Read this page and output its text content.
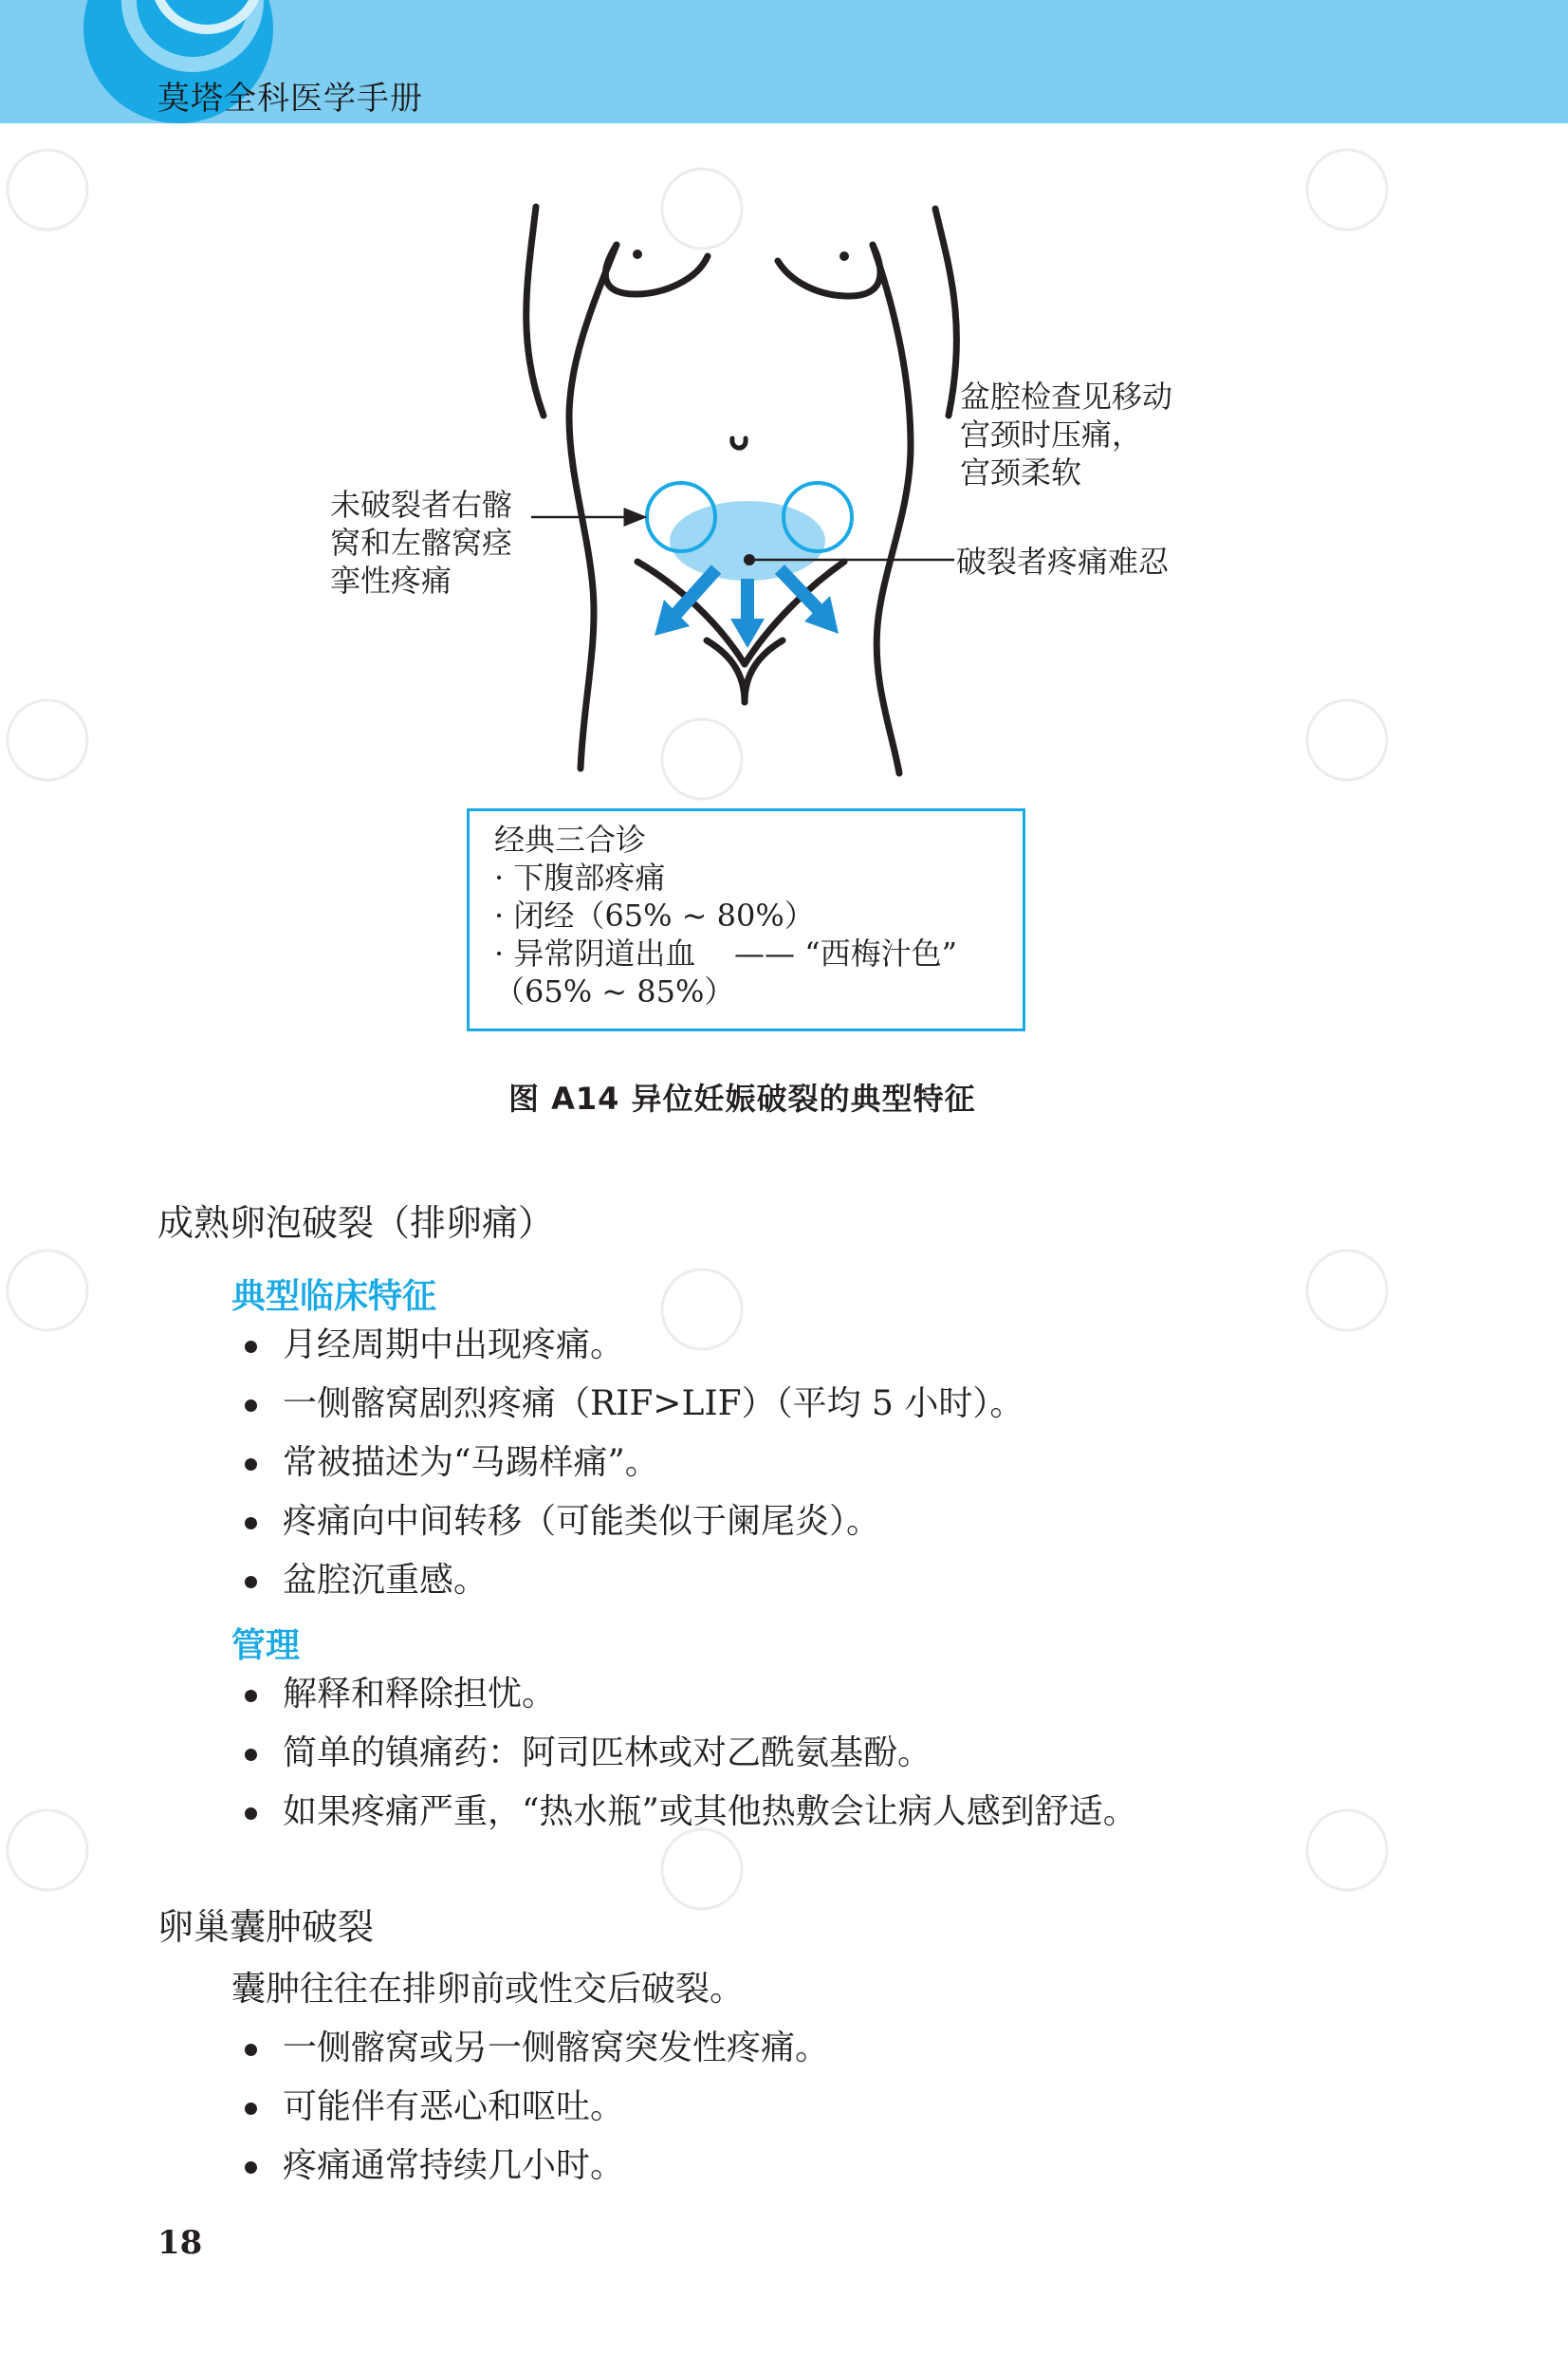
莫塔全科医学手册
未破裂者右髂
窝和左髂窝痉
挛性疼痛
盆腔检查见移动
宫颈时压痛，
宫颈柔软
破裂者疼痛难忍
经典三合诊
· 下腹部疼痛
· 闭经（65% ~ 80%）
· 异常阴道出血 —— “西梅汁色”
（65% ~ 85%）
图 A14 异位妊娠破裂的典型特征
成熟卵泡破裂（排卵痛）
典型临床特征
月经周期中出现疼痛。
一侧髂窝剧烈疼痛（RIF>LIF）（平均 5 小时）。
常被描述为“马踢样痛”。
疼痛向中间转移（可能类似于阑尾炎）。
盆腔沉重感。
管理
解释和释除担忧。
简单的镇痛药：阿司匹林或对乙酰氨基酚。
如果疼痛严重，“热水瓶”或其他热敷会让病人感到舒适。
卵巢囊肿破裂
囊肿往往在排卵前或性交后破裂。
一侧髂窝或另一侧髂窝突发性疼痛。
可能伴有恶心和呕吐。
疼痛通常持续几小时。
18
